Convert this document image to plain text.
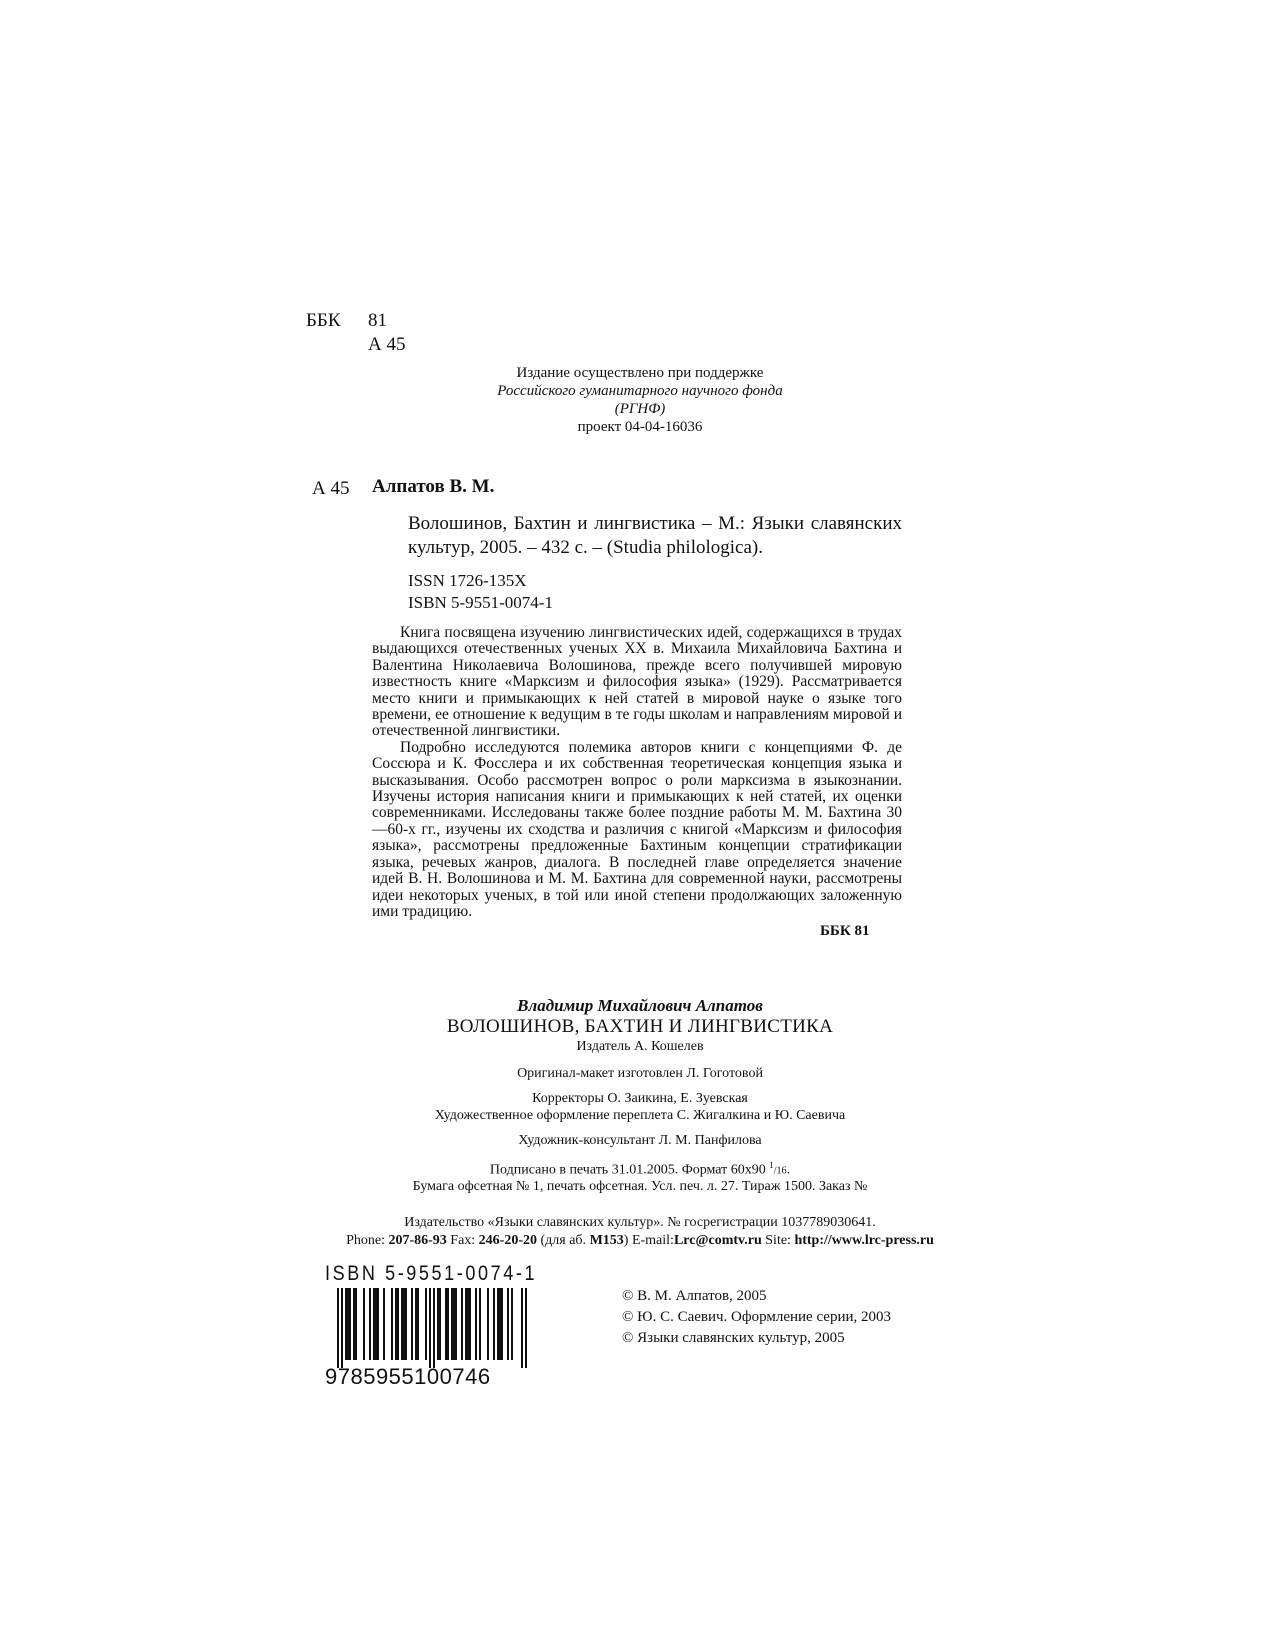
ББК 81
А 45
Издание осуществлено при поддержке
Российского гуманитарного научного фонда
(РГНФ)
проект 04-04-16036
А 45 Алпатов В. М.
Волошинов, Бахтин и лингвистика – М.: Языки славянских культур, 2005. – 432 с. – (Studia philologica).
ISSN 1726-135X
ISBN 5-9551-0074-1

Книга посвящена изучению лингвистических идей, содержащихся в трудах выдающихся отечественных ученых XX в. Михаила Михайловича Бахтина и Валентина Николаевича Волошинова, прежде всего получившей мировую известность книге «Марксизм и философия языка» (1929). Рассматривается место книги и примыкающих к ней статей в мировой науке о языке того времени, ее отношение к ведущим в те годы школам и направлениям мировой и отечественной лингвистики.

Подробно исследуются полемика авторов книги с концепциями Ф. де Соссюра и К. Фосслера и их собственная теоретическая концепция языка и высказывания. Особо рассмотрен вопрос о роли марксизма в языкознании. Изучены история написания книги и примыкающих к ней статей, их оценки современниками. Исследованы также более поздние работы М. М. Бахтина 30—60-х гг., изучены их сходства и различия с книгой «Марксизм и философия языка», рассмотрены предложенные Бахтиным концепции стратификации языка, речевых жанров, диалога. В последней главе определяется значение идей В. Н. Волошинова и М. М. Бахтина для современной науки, рассмотрены идеи некоторых ученых, в той или иной степени продолжающих заложенную ими традицию.

ББК 81
Владимир Михайлович Алпатов
ВОЛОШИНОВ, БАХТИН И ЛИНГВИСТИКА
Издатель А. Кошелев
Оригинал-макет изготовлен Л. Гоготовой
Корректоры О. Заикина, Е. Зуевская
Художественное оформление переплета С. Жигалкина и Ю. Саевича
Художник-консультант Л. М. Панфилова
Подписано в печать 31.01.2005. Формат 60x90 $^1$/16.
Бумага офсетная № 1, печать офсетная. Усл. печ. л. 27. Тираж 1500. Заказ №
Издательство «Языки славянских культур». № госрегистрации 1037789030641.
Phone: 207-86-93 Fax: 246-20-20 (для аб. M153) E-mail:Lrc@comtv.ru Site: http://www.lrc-press.ru
ISBN 5-9551-0074-1
9785955100746
© В. М. Алпатов, 2005
© Ю. С. Саевич. Оформление серии, 2003
© Языки славянских культур, 2005
